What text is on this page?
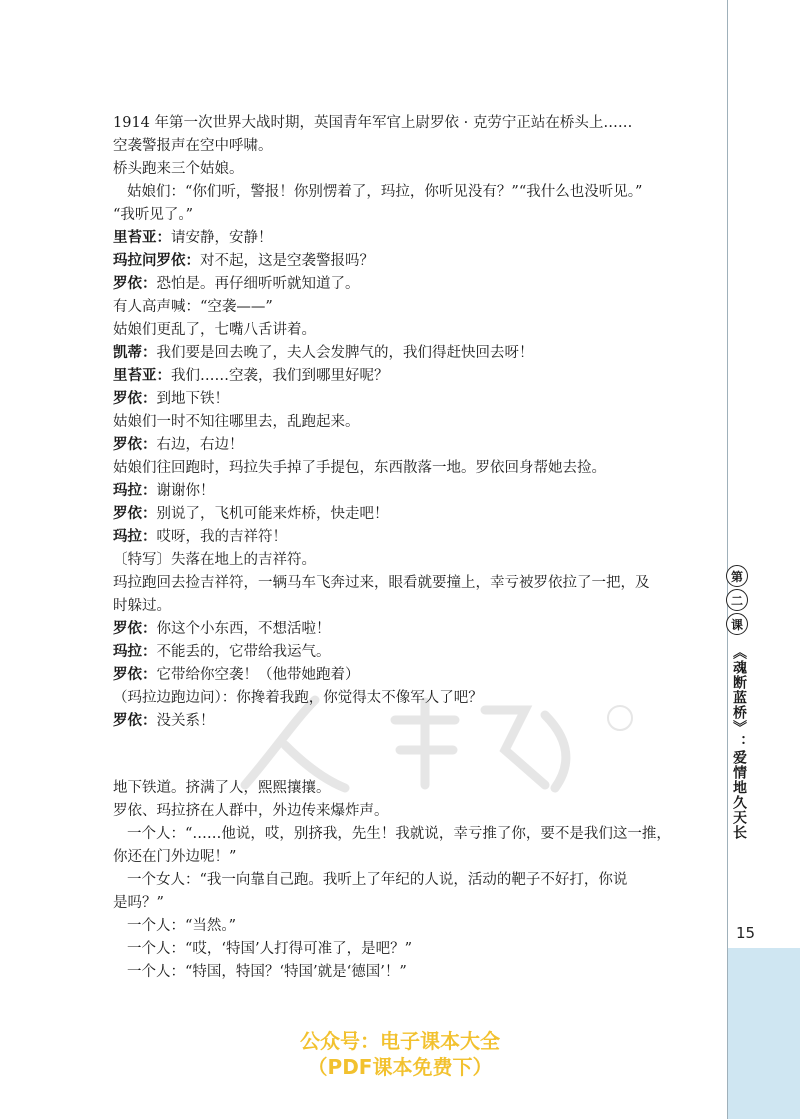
第
二
课
《魂断蓝桥》：爱情地久天长
15
1914 年第一次世界大战时期，英国青年军官上尉罗依 · 克劳宁正站在桥头上……
空袭警报声在空中呼啸。
桥头跑来三个姑娘。
姑娘们：“你们听，警报！你别愣着了，玛拉，你听见没有？”“我什么也没听见。”
“我听见了。”
里苔亚：请安静，安静！
玛拉问罗依：对不起，这是空袭警报吗？
罗依：恐怕是。再仔细听听就知道了。
有人高声喊：“空袭——”
姑娘们更乱了，七嘴八舌讲着。
凯蒂：我们要是回去晚了，夫人会发脾气的，我们得赶快回去呀！
里苔亚：我们……空袭，我们到哪里好呢？
罗依：到地下铁！
姑娘们一时不知往哪里去，乱跑起来。
罗依：右边，右边！
姑娘们往回跑时，玛拉失手掉了手提包，东西散落一地。罗依回身帮她去捡。
玛拉：谢谢你！
罗依：别说了，飞机可能来炸桥，快走吧！
玛拉：哎呀，我的吉祥符！
〔特写〕失落在地上的吉祥符。
玛拉跑回去捡吉祥符，一辆马车飞奔过来，眼看就要撞上，幸亏被罗依拉了一把，及
时躲过。
罗依：你这个小东西，不想活啦！
玛拉：不能丢的，它带给我运气。
罗依：它带给你空袭！（他带她跑着）
（玛拉边跑边问）：你搀着我跑，你觉得太不像军人了吧？
罗依：没关系！
地下铁道。挤满了人，熙熙攘攘。
罗依、玛拉挤在人群中，外边传来爆炸声。
一个人：“……他说，哎，别挤我，先生！我就说，幸亏推了你，要不是我们这一推，
你还在门外边呢！”
一个女人：“我一向靠自己跑。我听上了年纪的人说，活动的靶子不好打，你说
是吗？”
一个人：“当然。”
一个人：“哎，‘特国’人打得可准了，是吧？”
一个人：“特国，特国？‘特国’就是‘德国’！”
公众号：电子课本大全
（PDF课本免费下）
